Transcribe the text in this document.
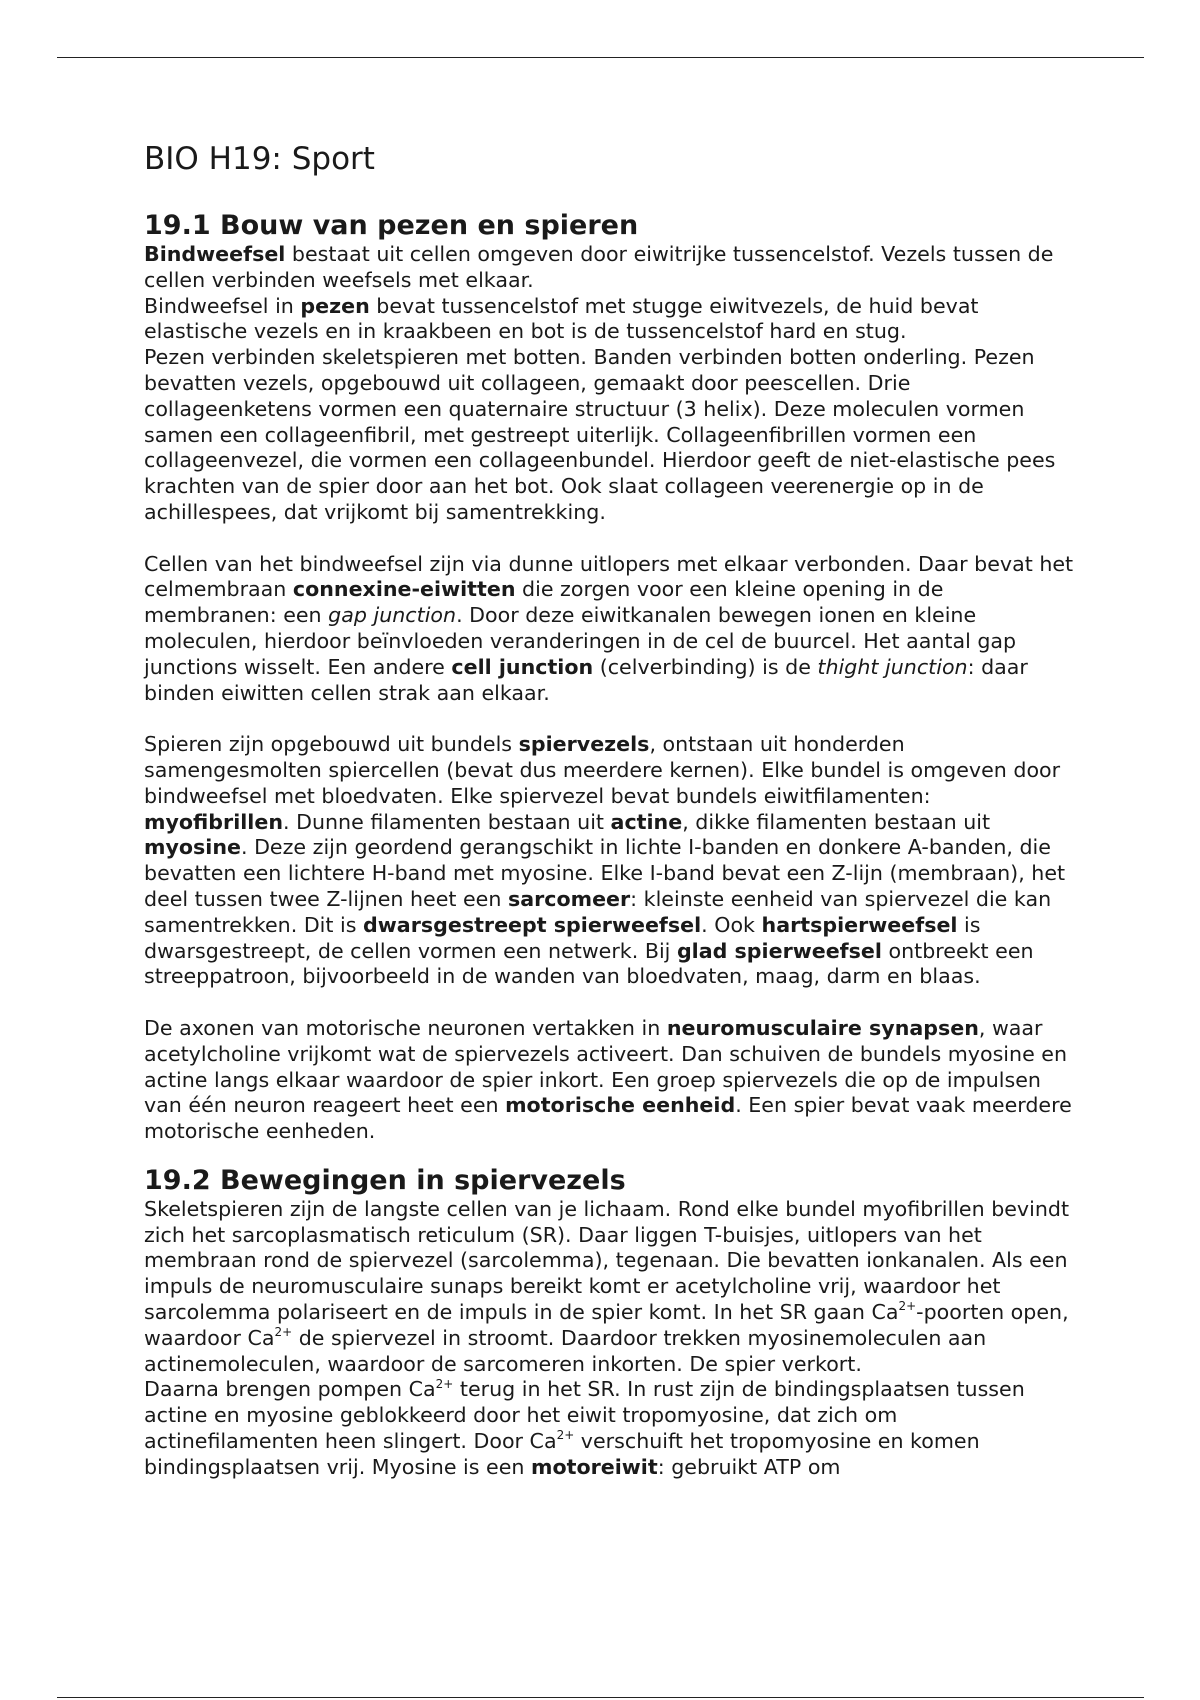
BIO H19: Sport
19.1 Bouw van pezen en spieren

Bindweefsel bestaat uit cellen omgeven door eiwitrijke tussencelstof. Vezels tussen de cellen verbinden weefsels met elkaar.

Bindweefsel in pezen bevat tussencelstof met stugge eiwitvezels, de huid bevat elastische vezels en in kraakbeen en bot is de tussencelstof hard en stug.

Pezen verbinden skeletspieren met botten. Banden verbinden botten onderling. Pezen bevatten vezels, opgebouwd uit collageen, gemaakt door peescellen. Drie collageenketens vormen een quaternaire structuur (3 helix). Deze moleculen vormen samen een collageenfibril, met gestreept uiterlijk. Collageenfibrillen vormen een collageenvezel, die vormen een collageenbundel. Hierdoor geeft de niet-elastische pees krachten van de spier door aan het bot. Ook slaat collageen veerenergie op in de achillespees, dat vrijkomt bij samentrekking.

Cellen van het bindweefsel zijn via dunne uitlopers met elkaar verbonden. Daar bevat het celmembraan connexine-eiwitten die zorgen voor een kleine opening in de membranen: een gap junction. Door deze eiwitkanalen bewegen ionen en kleine moleculen, hierdoor beïnvloeden veranderingen in de cel de buurcel. Het aantal gap junctions wisselt. Een andere cell junction (celverbinding) is de thight junction: daar binden eiwitten cellen strak aan elkaar.

Spieren zijn opgebouwd uit bundels spiervezels, ontstaan uit honderden samengesmolten spiercellen (bevat dus meerdere kernen). Elke bundel is omgeven door bindweefsel met bloedvaten. Elke spiervezel bevat bundels eiwitfilamenten: myofibrillen. Dunne filamenten bestaan uit actine, dikke filamenten bestaan uit myosine. Deze zijn geordend gerangschikt in lichte I-banden en donkere A-banden, die bevatten een lichtere H-band met myosine. Elke I-band bevat een Z-lijn (membraan), het deel tussen twee Z-lijnen heet een sarcomeer: kleinste eenheid van spiervezel die kan samentrekken. Dit is dwarsgestreept spierweefsel. Ook hartspierweefsel is dwarsgestreept, de cellen vormen een netwerk. Bij glad spierweefsel ontbreekt een streeppatroon, bijvoorbeeld in de wanden van bloedvaten, maag, darm en blaas.

De axonen van motorische neuronen vertakken in neuromusculaire synapsen, waar acetylcholine vrijkomt wat de spiervezels activeert. Dan schuiven de bundels myosine en actine langs elkaar waardoor de spier inkort. Een groep spiervezels die op de impulsen van één neuron reageert heet een motorische eenheid. Een spier bevat vaak meerdere motorische eenheden.

19.2 Bewegingen in spiervezels

Skeletspieren zijn de langste cellen van je lichaam. Rond elke bundel myofibrillen bevindt zich het sarcoplasmatisch reticulum (SR). Daar liggen T-buisjes, uitlopers van het membraan rond de spiervezel (sarcolemma), tegenaan. Die bevatten ionkanalen. Als een impuls de neuromusculaire sunaps bereikt komt er acetylcholine vrij, waardoor het sarcolemma polariseert en de impuls in de spier komt. In het SR gaan $Ca^{2+}$-poorten open, waardoor $Ca^{2+}$ de spiervezel in stroomt. Daardoor trekken myosinemoleculen aan actinemoleculen, waardoor de sarcomeren inkorten. De spier verkort.

Daarna brengen pompen $Ca^{2+}$ terug in het SR. In rust zijn de bindingsplaatsen tussen actine en myosine geblokkeerd door het eiwit tropomyosine, dat zich om actinefilamenten heen slingert. Door $Ca^{2+}$ verschuift het tropomyosine en komen bindingsplaatsen vrij. Myosine is een motoreiwit: gebruikt ATP om
